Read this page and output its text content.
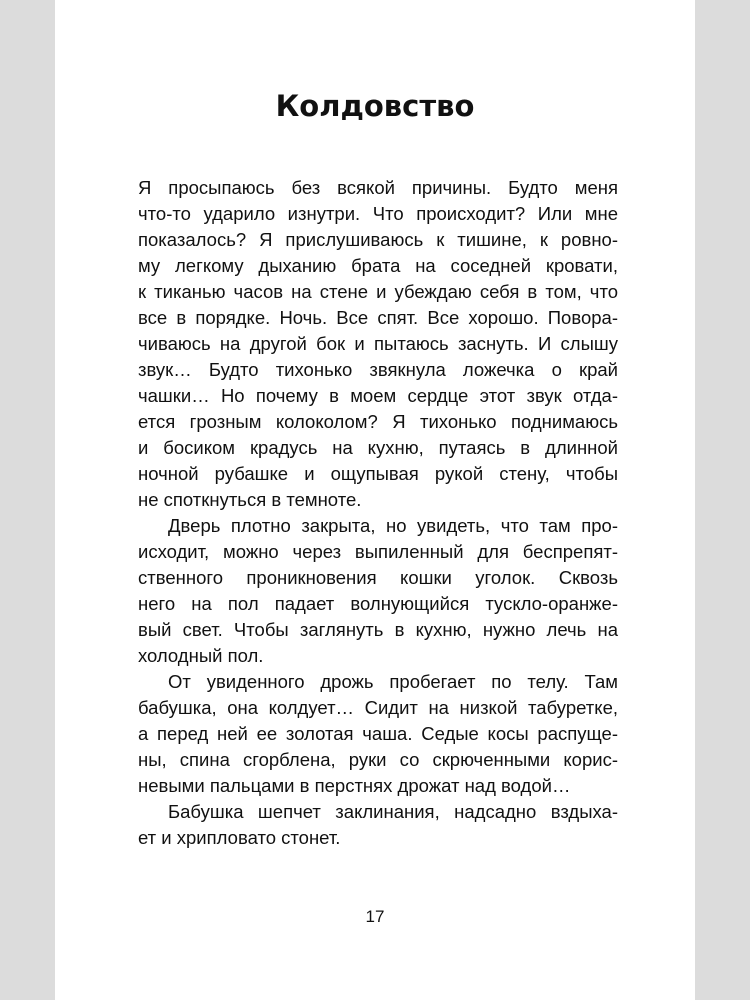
Колдовство
Я просыпаюсь без всякой причины. Будто меня
что-то ударило изнутри. Что происходит? Или мне
показалось? Я прислушиваюсь к тишине, к ровно-
му легкому дыханию брата на соседней кровати,
к тиканью часов на стене и убеждаю себя в том, что
все в порядке. Ночь. Все спят. Все хорошо. Повора-
чиваюсь на другой бок и пытаюсь заснуть. И слышу
звук… Будто тихонько звякнула ложечка о край
чашки… Но почему в моем сердце этот звук отда-
ется грозным колоколом? Я тихонько поднимаюсь
и босиком крадусь на кухню, путаясь в длинной
ночной рубашке и ощупывая рукой стену, чтобы
не споткнуться в темноте.
Дверь плотно закрыта, но увидеть, что там про-
исходит, можно через выпиленный для беспрепят-
ственного проникновения кошки уголок. Сквозь
него на пол падает волнующийся тускло-оранже-
вый свет. Чтобы заглянуть в кухню, нужно лечь на
холодный пол.
От увиденного дрожь пробегает по телу. Там
бабушка, она колдует… Сидит на низкой табуретке,
а перед ней ее золотая чаша. Седые косы распуще-
ны, спина сгорблена, руки со скрюченными кориc-
невыми пальцами в перстнях дрожат над водой…
Бабушка шепчет заклинания, надсадно вздыха-
ет и хрипловато стонет.
17
